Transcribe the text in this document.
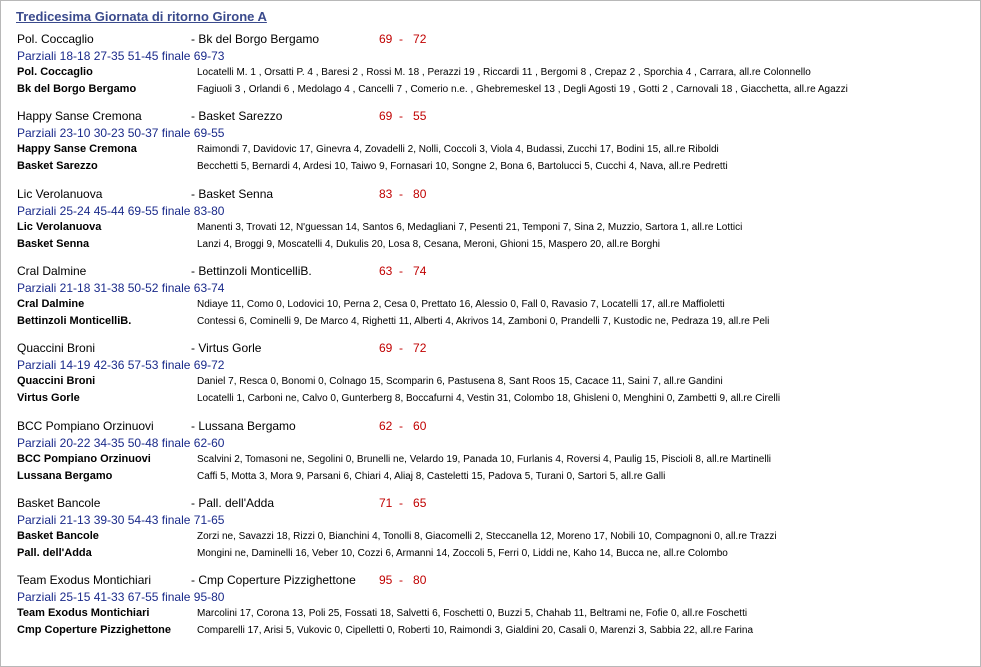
Tredicesima Giornata di ritorno Girone A
Pol. Coccaglio	- Bk del Borgo Bergamo	69  -   72
Parziali 18-18 27-35 51-45 finale 69-73
Pol. Coccaglio	Locatelli M. 1 , Orsatti P. 4 , Baresi 2 , Rossi M. 18 , Perazzi 19 , Riccardi 11 , Bergomi 8 , Crepaz 2 , Sporchia 4 , Carrara, all.re Colonnello
Bk del Borgo Bergamo	Fagiuoli 3 , Orlandi 6 , Medolago 4 , Cancelli 7 , Comerio n.e. , Ghebremeskel 13 , Degli Agosti 19 , Gotti 2 , Carnovali 18 , Giacchetta, all.re Agazzi
Happy Sanse Cremona	- Basket Sarezzo	69  -   55
Parziali 23-10 30-23 50-37 finale 69-55
Happy Sanse Cremona	Raimondi 7, Davidovic 17, Ginevra 4, Zovadelli 2, Nolli, Coccoli 3, Viola 4, Budassi, Zucchi 17, Bodini 15, all.re Riboldi
Basket Sarezzo	Becchetti 5, Bernardi 4, Ardesi 10, Taiwo 9, Fornasari 10, Songne 2, Bona 6, Bartolucci 5, Cucchi 4, Nava, all.re Pedretti
Lic Verolanuova	- Basket Senna	83  -   80
Parziali 25-24 45-44 69-55 finale 83-80
Lic Verolanuova	Manenti 3, Trovati 12, N'guessan 14, Santos 6, Medagliani 7, Pesenti 21, Temponi 7, Sina 2, Muzzio, Sartora 1, all.re Lottici
Basket Senna	Lanzi 4, Broggi 9, Moscatelli 4, Dukulis 20, Losa 8, Cesana, Meroni, Ghioni 15, Maspero 20, all.re Borghi
Cral Dalmine	- Bettinzoli MonticelliB.	63  -   74
Parziali 21-18 31-38 50-52 finale 63-74
Cral Dalmine	Ndiaye 11, Como 0, Lodovici 10, Perna 2, Cesa 0, Prettato 16, Alessio 0, Fall 0, Ravasio 7, Locatelli 17, all.re Maffioletti
Bettinzoli MonticelliB.	Contessi 6, Cominelli 9, De Marco 4, Righetti 11, Alberti 4, Akrivos 14, Zamboni 0, Prandelli 7, Kustodic ne, Pedraza 19, all.re Peli
Quaccini Broni	- Virtus Gorle	69  -   72
Parziali 14-19 42-36 57-53 finale 69-72
Quaccini Broni	Daniel 7, Resca 0, Bonomi 0, Colnago 15, Scomparin 6, Pastusena 8, Sant Roos 15, Cacace 11, Saini 7, all.re Gandini
Virtus Gorle	Locatelli 1, Carboni ne, Calvo 0, Gunterberg 8, Boccafurni 4, Vestin 31, Colombo 18, Ghisleni 0, Menghini 0, Zambetti 9, all.re Cirelli
BCC Pompiano Orzinuovi	- Lussana Bergamo	62  -   60
Parziali 20-22 34-35 50-48 finale 62-60
BCC Pompiano Orzinuovi	Scalvini 2, Tomasoni ne, Segolini 0, Brunelli ne, Velardo 19, Panada 10, Furlanis 4, Roversi 4, Paulig 15, Piscioli 8, all.re Martinelli
Lussana Bergamo	Caffi 5, Motta 3, Mora 9, Parsani 6, Chiari 4, Aliaj 8, Casteletti 15, Padova 5, Turani 0, Sartori 5, all.re Galli
Basket Bancole	- Pall. dell'Adda	71  -   65
Parziali 21-13 39-30 54-43 finale 71-65
Basket Bancole	Zorzi ne, Savazzi 18, Rizzi 0, Bianchini 4, Tonolli 8, Giacomelli 2, Steccanella 12, Moreno 17, Nobili 10, Compagnoni 0, all.re Trazzi
Pall. dell'Adda	Mongini ne, Daminelli 16, Veber 10, Cozzi 6, Armanni 14, Zoccoli 5, Ferri 0, Liddi ne, Kaho 14, Bucca ne, all.re Colombo
Team Exodus Montichiari	- Cmp Coperture Pizzighettone 95  -   80
Parziali 25-15 41-33 67-55 finale 95-80
Team Exodus Montichiari	Marcolini 17, Corona 13, Poli 25, Fossati 18, Salvetti 6, Foschetti 0, Buzzi 5, Chahab 11, Beltrami ne, Fofie 0, all.re Foschetti
Cmp Coperture Pizzighettone	Comparelli 17, Arisi 5, Vukovic 0, Cipelletti 0, Roberti 10, Raimondi 3, Gialdini 20, Casali 0, Marenzi 3, Sabbia 22, all.re Farina
